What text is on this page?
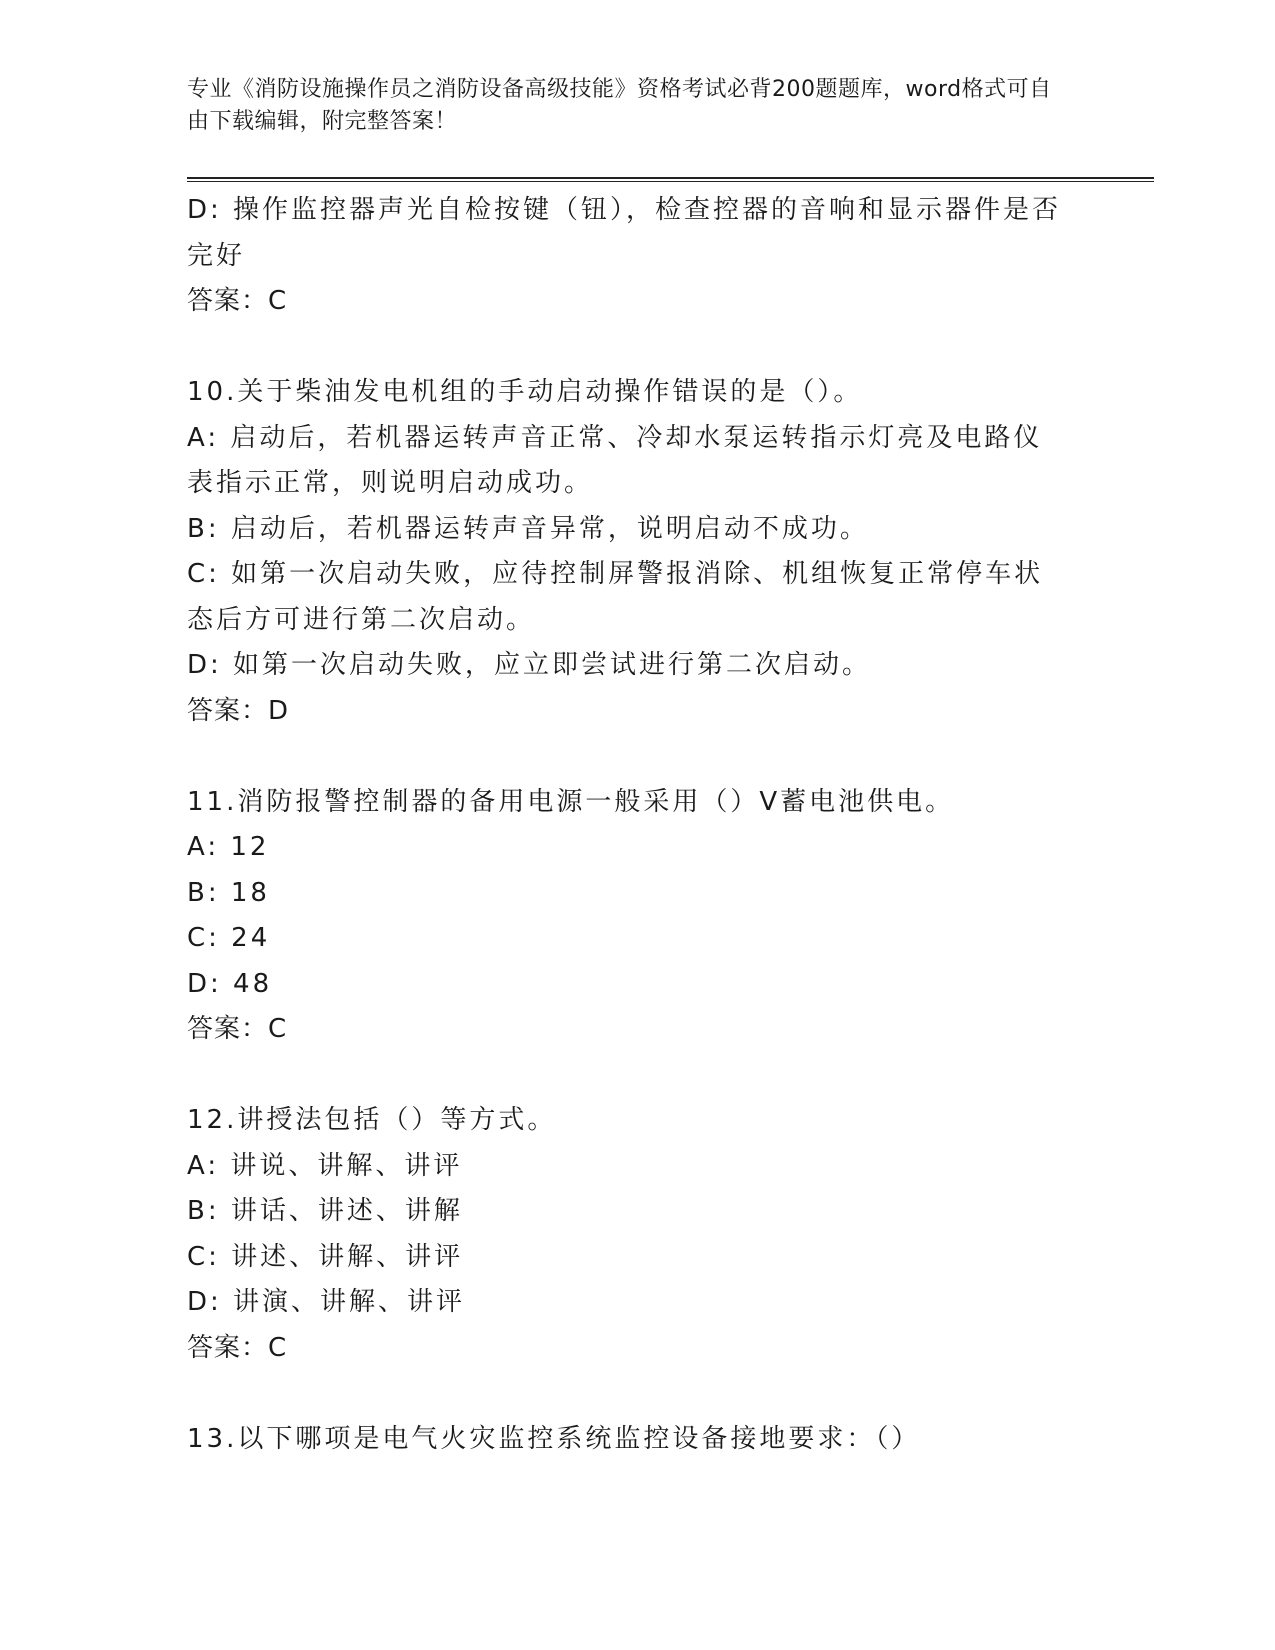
专业《消防设施操作员之消防设备高级技能》资格考试必背200题题库，word格式可自由下载编辑，附完整答案！

D: 操作监控器声光自检按键（钮），检查控器的音响和显示器件是否完好

答案：C

10.关于柴油发电机组的手动启动操作错误的是（）。

A: 启动后，若机器运转声音正常、冷却水泵运转指示灯亮及电路仪表指示正常，则说明启动成功。

B: 启动后，若机器运转声音异常，说明启动不成功。

C: 如第一次启动失败，应待控制屏警报消除、机组恢复正常停车状态后方可进行第二次启动。

D: 如第一次启动失败，应立即尝试进行第二次启动。

答案：D

11.消防报警控制器的备用电源一般采用（）V蓄电池供电。

A: 12

B: 18

C: 24

D: 48

答案：C

12.讲授法包括（）等方式。

A: 讲说、讲解、讲评

B: 讲话、讲述、讲解

C: 讲述、讲解、讲评

D: 讲演、讲解、讲评

答案：C

13.以下哪项是电气火灾监控系统监控设备接地要求：（）
